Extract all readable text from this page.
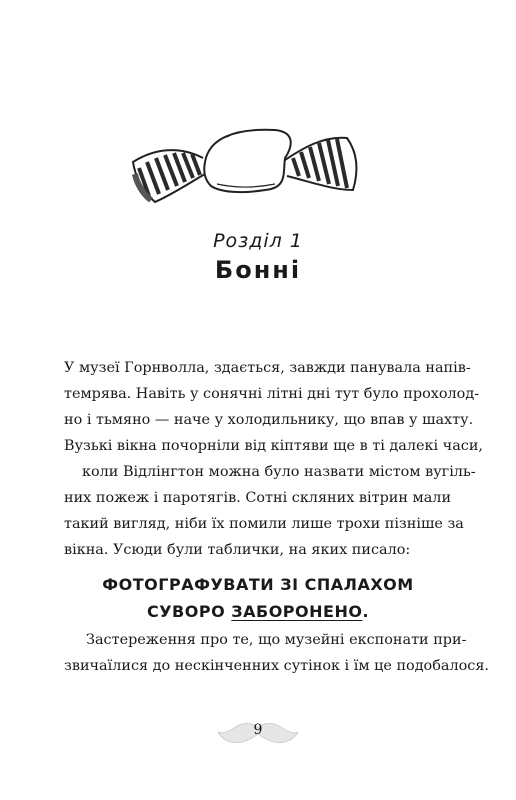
Розділ 1
Бонні
У музеї Горнволла, здається, завжди панувала напів-
темрява. Навіть у сонячні літні дні тут було прохолод-
но і тьмяно — наче у холодильнику, що впав у шахту.
Вузькі вікна почорніли від кіптяви ще в ті далекі часи,
коли Відлінгтон можна було назвати містом вугіль-
них пожеж і паротягів. Сотні скляних вітрин мали
такий вигляд, ніби їх помили лише трохи пізніше за
вікна. Усюди були таблички, на яких писало:
ФОТОГРАФУВАТИ ЗІ СПАЛАХОМ
СУВОРО ЗАБОРОНЕНО.
Застереження про те, що музейні експонати при-
звичаїлися до нескінченних сутінок і їм це подобалося.
9
